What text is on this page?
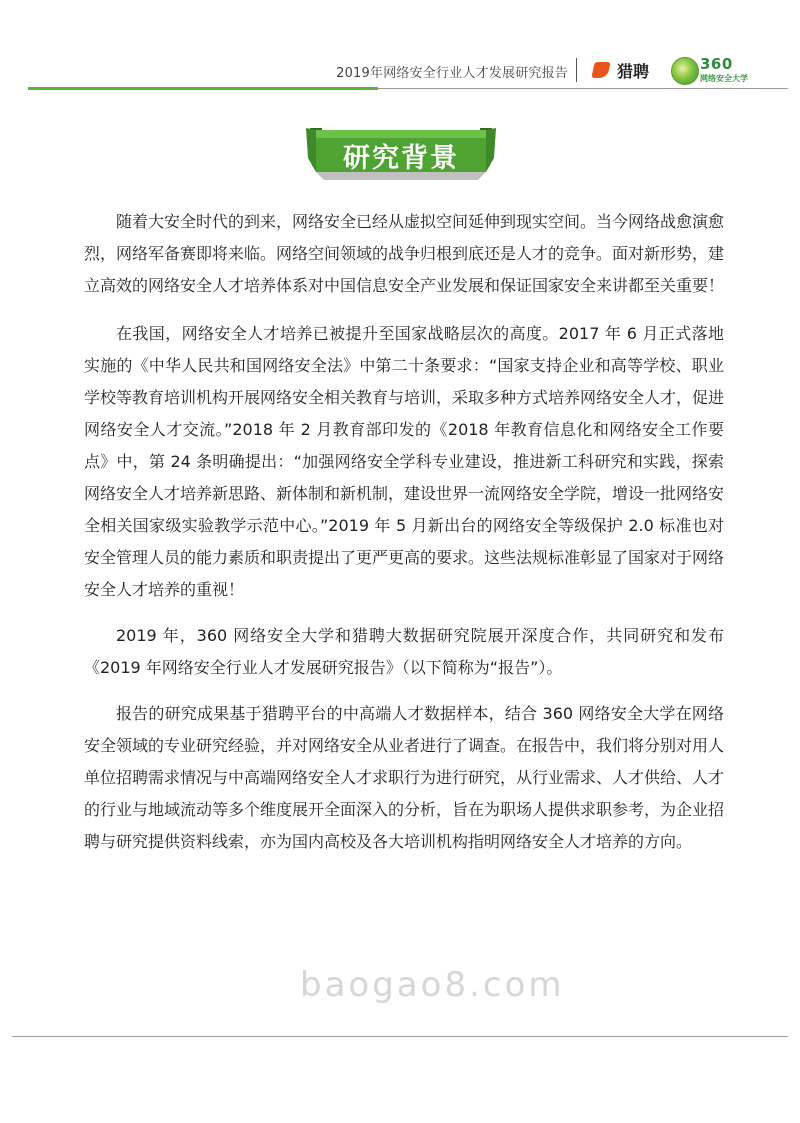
2019年网络安全行业人才发展研究报告	猎聘	360
网络安全大学
研究背景

随着大安全时代的到来，网络安全已经从虚拟空间延伸到现实空间。当今网络战愈演愈烈，网络军备赛即将来临。网络空间领域的战争归根到底还是人才的竞争。面对新形势，建立高效的网络安全人才培养体系对中国信息安全产业发展和保证国家安全来讲都至关重要！

在我国，网络安全人才培养已被提升至国家战略层次的高度。2017 年 6 月正式落地实施的《中华人民共和国网络安全法》中第二十条要求：“国家支持企业和高等学校、职业学校等教育培训机构开展网络安全相关教育与培训，采取多种方式培养网络安全人才，促进网络安全人才交流。”2018 年 2 月教育部印发的《2018 年教育信息化和网络安全工作要点》中，第 24 条明确提出：“加强网络安全学科专业建设，推进新工科研究和实践，探索网络安全人才培养新思路、新体制和新机制，建设世界一流网络安全学院，增设一批网络安全相关国家级实验教学示范中心。”2019 年 5 月新出台的网络安全等级保护 2.0 标准也对安全管理人员的能力素质和职责提出了更严更高的要求。这些法规标准彰显了国家对于网络安全人才培养的重视！

2019 年，360 网络安全大学和猎聘大数据研究院展开深度合作，共同研究和发布《2019 年网络安全行业人才发展研究报告》（以下简称为“报告”）。

报告的研究成果基于猎聘平台的中高端人才数据样本，结合 360 网络安全大学在网络安全领域的专业研究经验，并对网络安全从业者进行了调查。在报告中，我们将分别对用人单位招聘需求情况与中高端网络安全人才求职行为进行研究，从行业需求、人才供给、人才的行业与地域流动等多个维度展开全面深入的分析，旨在为职场人提供求职参考，为企业招聘与研究提供资料线索，亦为国内高校及各大培训机构指明网络安全人才培养的方向。

baogao8.com
